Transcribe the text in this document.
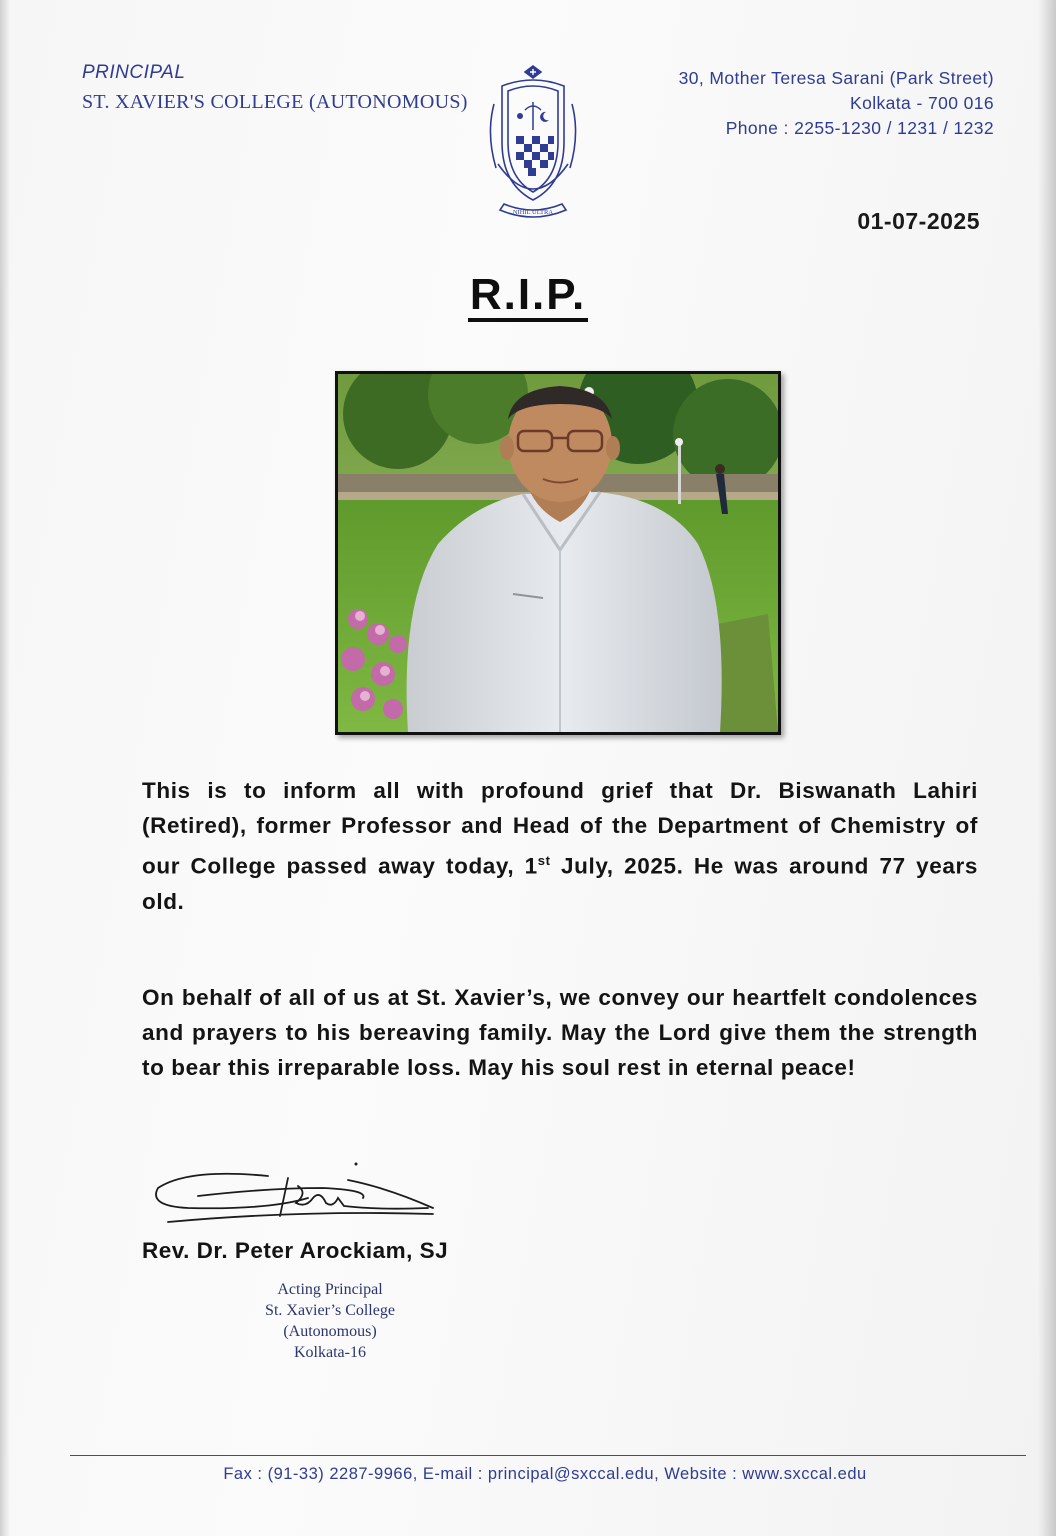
PRINCIPAL
ST. XAVIER'S COLLEGE (AUTONOMOUS)
NIHIL ULTRA
30, Mother Teresa Sarani (Park Street)
Kolkata - 700 016
Phone : 2255-1230 / 1231 / 1232
01-07-2025
R.I.P.
This is to inform all with profound grief that Dr. Biswanath Lahiri (Retired), former Professor and Head of the Department of Chemistry of our College passed away today, 1st July, 2025. He was around 77 years old.
On behalf of all of us at St. Xavier’s, we convey our heartfelt condolences and prayers to his bereaving family. May the Lord give them the strength to bear this irreparable loss. May his soul rest in eternal peace!
Rev. Dr. Peter Arockiam, SJ
Acting Principal
St. Xavier’s College
(Autonomous)
Kolkata-16
Fax : (91-33) 2287-9966, E-mail : principal@sxccal.edu, Website : www.sxccal.edu
